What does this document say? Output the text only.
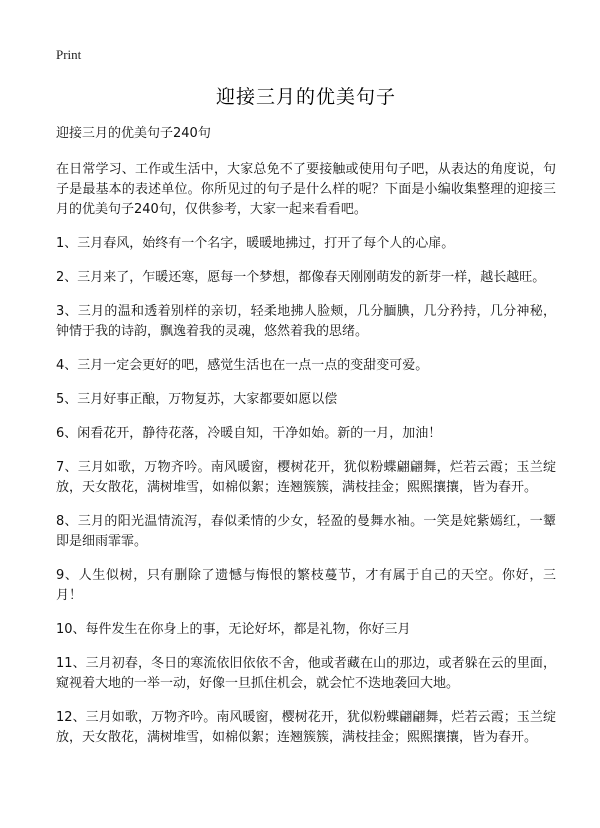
Print
迎接三月的优美句子

迎接三月的优美句子240句

在日常学习、工作或生活中，大家总免不了要接触或使用句子吧，从表达的角度说，句子是最基本的表述单位。你所见过的句子是什么样的呢？下面是小编收集整理的迎接三月的优美句子240句，仅供参考，大家一起来看看吧。

1、三月春风，始终有一个名字，暖暖地拂过，打开了每个人的心扉。

2、三月来了，乍暖还寒，愿每一个梦想，都像春天刚刚萌发的新芽一样，越长越旺。

3、三月的温和透着别样的亲切，轻柔地拂人脸颊，几分腼腆，几分矜持，几分神秘，钟情于我的诗韵，飘逸着我的灵魂，悠然着我的思绪。

4、三月一定会更好的吧，感觉生活也在一点一点的变甜变可爱。

5、三月好事正酿，万物复苏，大家都要如愿以偿

6、闲看花开，静待花落，冷暖自知，干净如始。新的一月，加油！

7、三月如歌，万物齐吟。南风暖窗，樱树花开，犹似粉蝶翩翩舞，烂若云霞；玉兰绽放，天女散花，满树堆雪，如棉似絮；连翘簇簇，满枝挂金；熙熙攘攘，皆为春开。

8、三月的阳光温情流泻，春似柔情的少女，轻盈的曼舞水袖。一笑是姹紫嫣红，一颦即是细雨霏霏。

9、人生似树，只有删除了遗憾与悔恨的繁枝蔓节，才有属于自己的天空。你好，三月！

10、每件发生在你身上的事，无论好坏，都是礼物，你好三月

11、三月初春，冬日的寒流依旧依依不舍，他或者藏在山的那边，或者躲在云的里面，窥视着大地的一举一动，好像一旦抓住机会，就会忙不迭地袭回大地。

12、三月如歌，万物齐吟。南风暖窗，樱树花开，犹似粉蝶翩翩舞，烂若云霞；玉兰绽放，天女散花，满树堆雪，如棉似絮；连翘簇簇，满枝挂金；熙熙攘攘，皆为春开。
